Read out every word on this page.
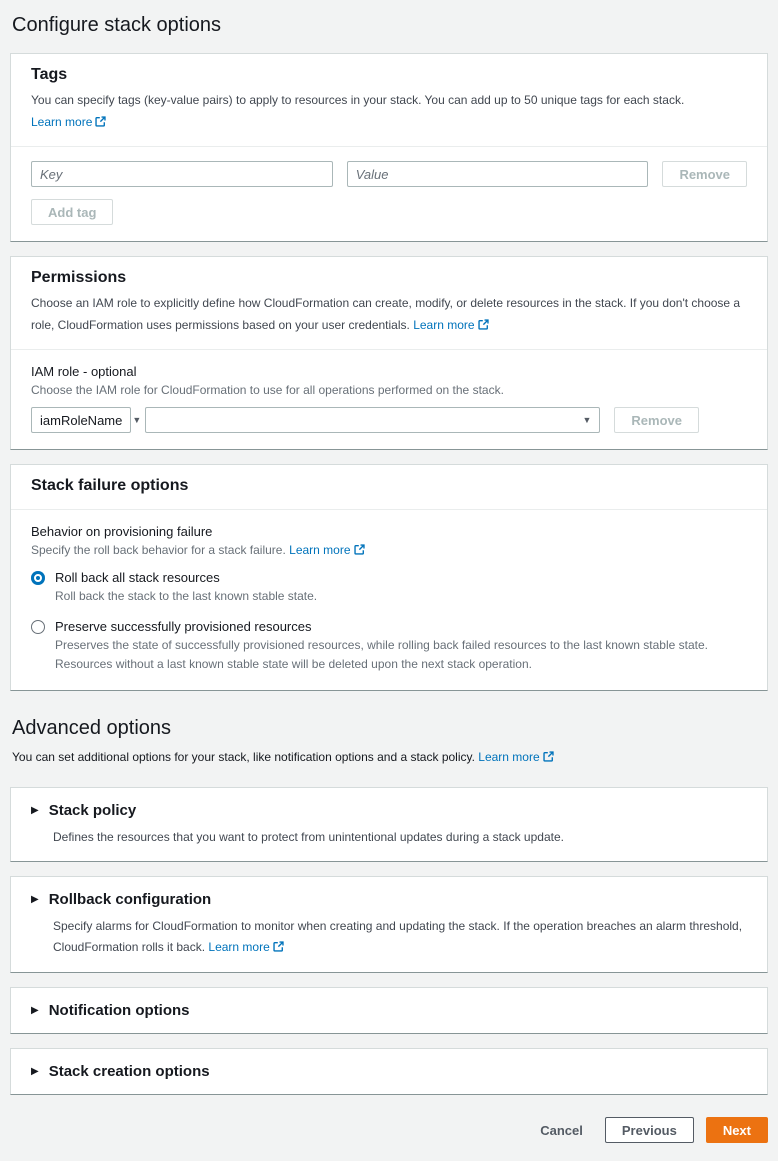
Configure stack options
Tags
You can specify tags (key-value pairs) to apply to resources in your stack. You can add up to 50 unique tags for each stack. Learn more
Key
Value
Remove
Add tag
Permissions
Choose an IAM role to explicitly define how CloudFormation can create, modify, or delete resources in the stack. If you don't choose a role, CloudFormation uses permissions based on your user credentials. Learn more
IAM role - optional
Choose the IAM role for CloudFormation to use for all operations performed on the stack.
iamRoleName ▼	▼	Remove
Stack failure options
Behavior on provisioning failure
Specify the roll back behavior for a stack failure. Learn more
Roll back all stack resources
Roll back the stack to the last known stable state.
Preserve successfully provisioned resources
Preserves the state of successfully provisioned resources, while rolling back failed resources to the last known stable state. Resources without a last known stable state will be deleted upon the next stack operation.
Advanced options
You can set additional options for your stack, like notification options and a stack policy. Learn more
▶ Stack policy
Defines the resources that you want to protect from unintentional updates during a stack update.
▶ Rollback configuration
Specify alarms for CloudFormation to monitor when creating and updating the stack. If the operation breaches an alarm threshold, CloudFormation rolls it back. Learn more
▶ Notification options
▶ Stack creation options
Cancel	Previous	Next
